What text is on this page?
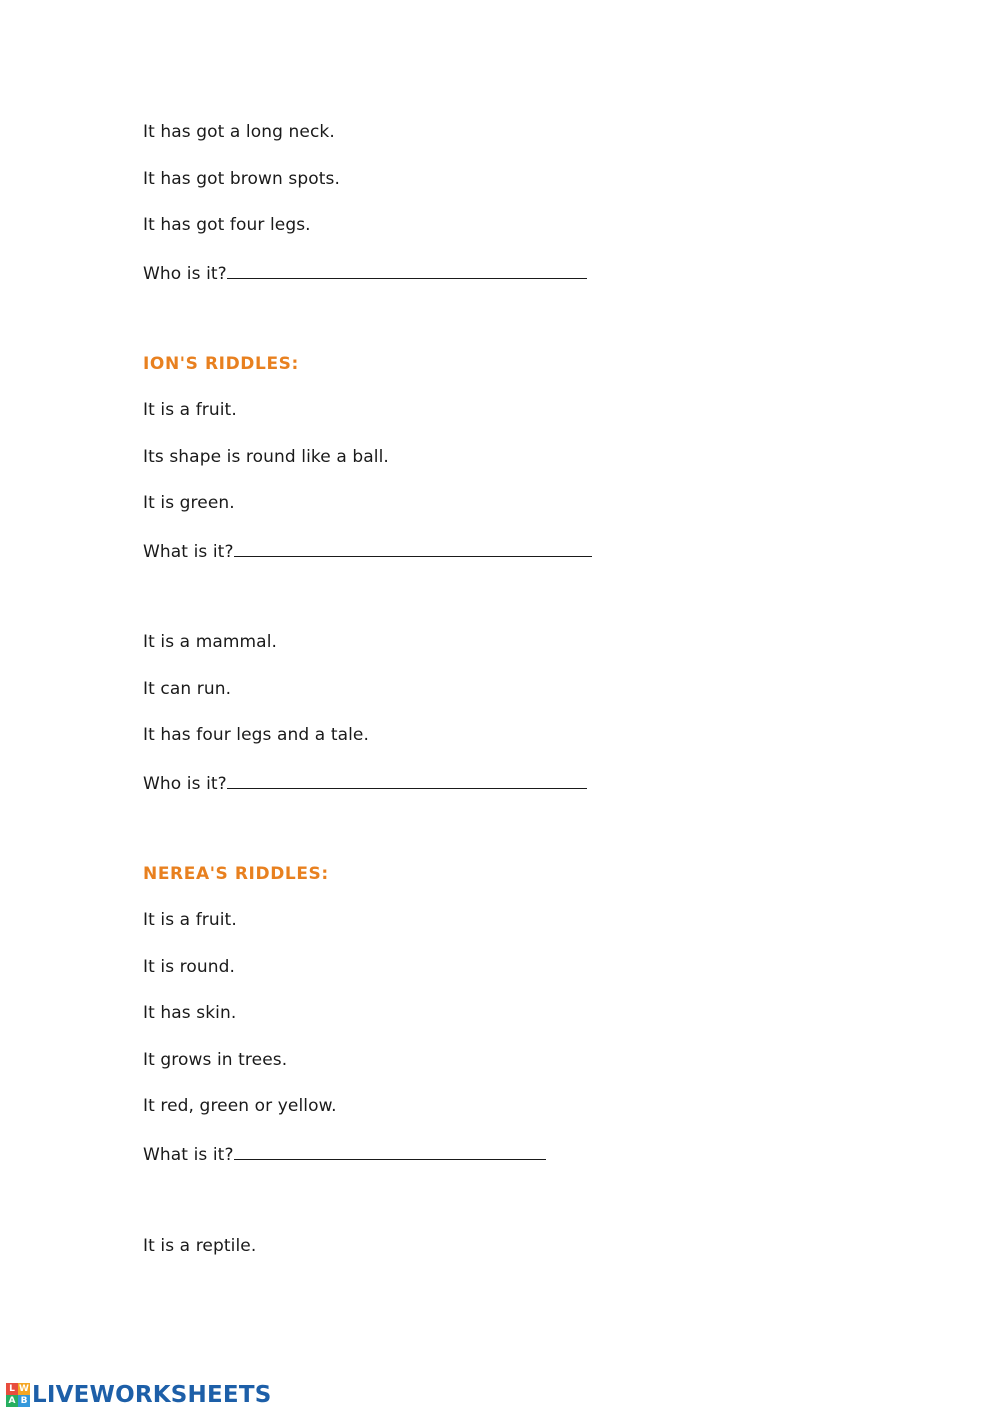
It has got a long neck.
It has got brown spots.
It has got four legs.
Who is it?
ION'S RIDDLES:
It is a fruit.
Its shape is round like a ball.
It is green.
What is it?
It is a mammal.
It can run.
It has four legs and a tale.
Who is it?
NEREA'S RIDDLES:
It is a fruit.
It is round.
It has skin.
It grows in trees.
It red, green or yellow.
What is it?
It is a reptile.
L W
A B LIVEWORKSHEETS
